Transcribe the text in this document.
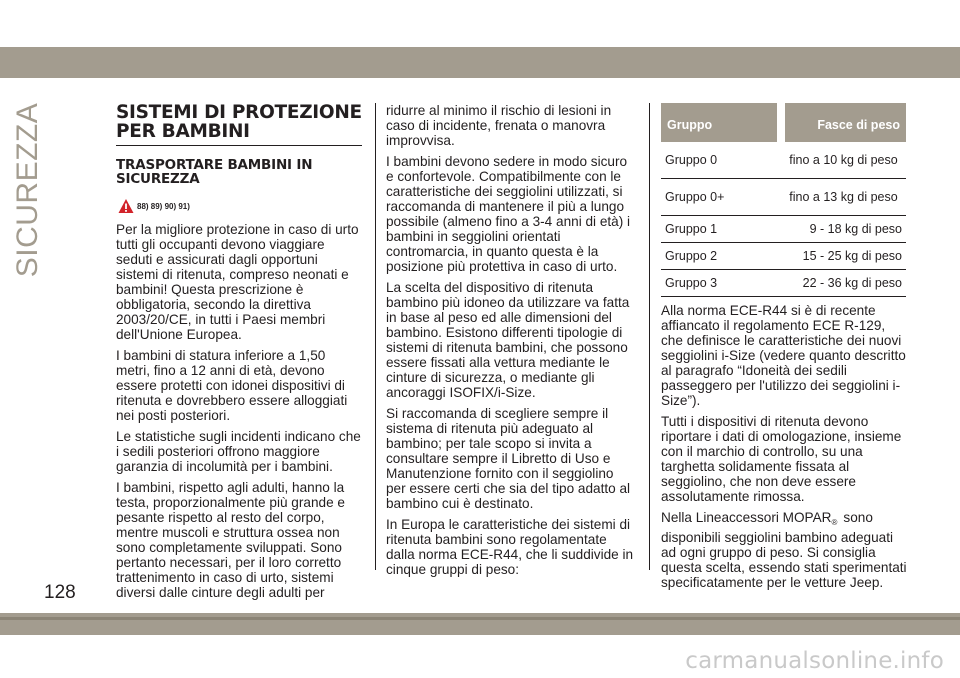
SICUREZZA	SISTEMI DI PROTEZIONE PER BAMBINI
TRASPORTARE BAMBINI IN SICUREZZA
88) 89) 90) 91)

Per la migliore protezione in caso di urto tutti gli occupanti devono viaggiare seduti e assicurati dagli opportuni sistemi di ritenuta, compreso neonati e bambini! Questa prescrizione è obbligatoria, secondo la direttiva 2003/20/CE, in tutti i Paesi membri dell'Unione Europea.

I bambini di statura inferiore a 1,50 metri, fino a 12 anni di età, devono essere protetti con idonei dispositivi di ritenuta e dovrebbero essere alloggiati nei posti posteriori.

Le statistiche sugli incidenti indicano che i sedili posteriori offrono maggiore garanzia di incolumità per i bambini.

I bambini, rispetto agli adulti, hanno la testa, proporzionalmente più grande e pesante rispetto al resto del corpo, mentre muscoli e struttura ossea non sono completamente sviluppati. Sono pertanto necessari, per il loro corretto trattenimento in caso di urto, sistemi diversi dalle cinture degli adulti per

ridurre al minimo il rischio di lesioni in caso di incidente, frenata o manovra improvvisa.

I bambini devono sedere in modo sicuro e confortevole. Compatibilmente con le caratteristiche dei seggiolini utilizzati, si raccomanda di mantenere il più a lungo possibile (almeno fino a 3-4 anni di età) i bambini in seggiolini orientati contromarcia, in quanto questa è la posizione più protettiva in caso di urto.

La scelta del dispositivo di ritenuta bambino più idoneo da utilizzare va fatta in base al peso ed alle dimensioni del bambino. Esistono differenti tipologie di sistemi di ritenuta bambini, che possono essere fissati alla vettura mediante le cinture di sicurezza, o mediante gli ancoraggi ISOFIX/i-Size.

Si raccomanda di scegliere sempre il sistema di ritenuta più adeguato al bambino; per tale scopo si invita a consultare sempre il Libretto di Uso e Manutenzione fornito con il seggiolino per essere certi che sia del tipo adatto al bambino cui è destinato.

In Europa le caratteristiche dei sistemi di ritenuta bambini sono regolamentate dalla norma ECE-R44, che li suddivide in cinque gruppi di peso:

Gruppo	Fasce di peso
Gruppo 0	fino a 10 kg di peso
Gruppo 0+	fino a 13 kg di peso
Gruppo 1	9 - 18 kg di peso
Gruppo 2	15 - 25 kg di peso
Gruppo 3	22 - 36 kg di peso

Alla norma ECE-R44 si è di recente affiancato il regolamento ECE R-129, che definisce le caratteristiche dei nuovi seggiolini i-Size (vedere quanto descritto al paragrafo “Idoneità dei sedili passeggero per l'utilizzo dei seggiolini i-Size”).

Tutti i dispositivi di ritenuta devono riportare i dati di omologazione, insieme con il marchio di controllo, su una targhetta solidamente fissata al seggiolino, che non deve essere assolutamente rimossa.

Nella Lineaccessori $MOPAR_®$ sono disponibili seggiolini bambino adeguati ad ogni gruppo di peso. Si consiglia questa scelta, essendo stati sperimentati specificatamente per le vetture Jeep.

128
carmanualsonline.info
